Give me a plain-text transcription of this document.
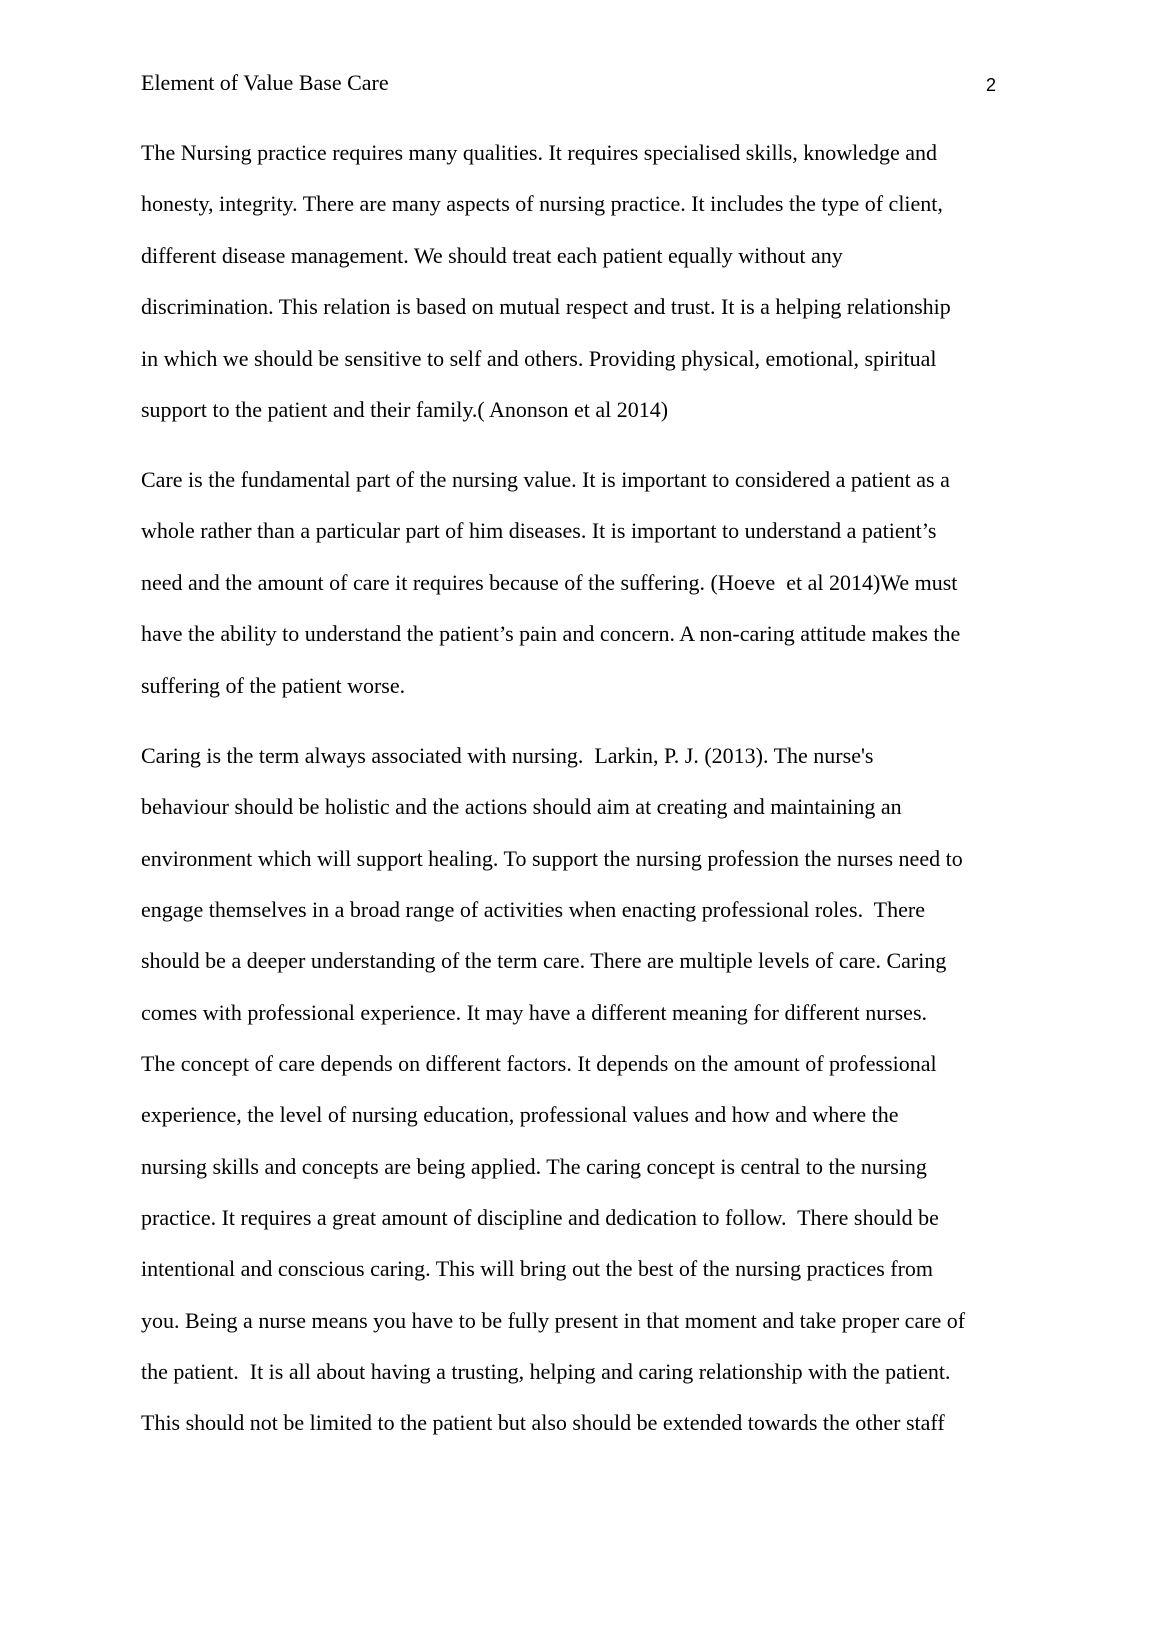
Element of Value Base Care	2
The Nursing practice requires many qualities. It requires specialised skills, knowledge and
honesty, integrity. There are many aspects of nursing practice. It includes the type of client,
different disease management. We should treat each patient equally without any
discrimination. This relation is based on mutual respect and trust. It is a helping relationship
in which we should be sensitive to self and others. Providing physical, emotional, spiritual
support to the patient and their family.( Anonson et al 2014)
Care is the fundamental part of the nursing value. It is important to considered a patient as a
whole rather than a particular part of him diseases. It is important to understand a patient’s
need and the amount of care it requires because of the suffering. (Hoeve  et al 2014)We must
have the ability to understand the patient’s pain and concern. A non-caring attitude makes the
suffering of the patient worse.
Caring is the term always associated with nursing.  Larkin, P. J. (2013). The nurse's
behaviour should be holistic and the actions should aim at creating and maintaining an
environment which will support healing. To support the nursing profession the nurses need to
engage themselves in a broad range of activities when enacting professional roles.  There
should be a deeper understanding of the term care. There are multiple levels of care. Caring
comes with professional experience. It may have a different meaning for different nurses.
The concept of care depends on different factors. It depends on the amount of professional
experience, the level of nursing education, professional values and how and where the
nursing skills and concepts are being applied. The caring concept is central to the nursing
practice. It requires a great amount of discipline and dedication to follow.  There should be
intentional and conscious caring. This will bring out the best of the nursing practices from
you. Being a nurse means you have to be fully present in that moment and take proper care of
the patient.  It is all about having a trusting, helping and caring relationship with the patient.
This should not be limited to the patient but also should be extended towards the other staff
